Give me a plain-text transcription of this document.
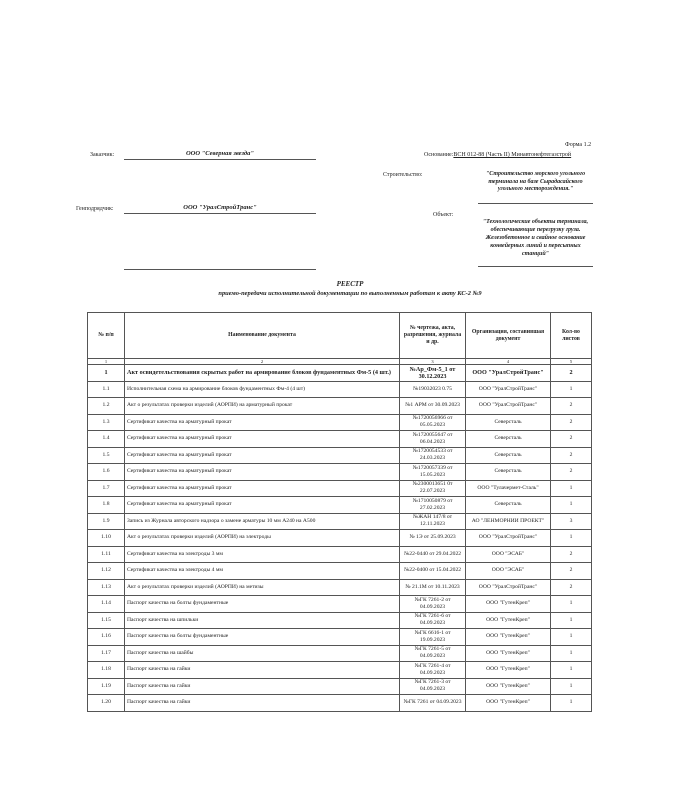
Форма 1.2
Основание:ВСН 012-88 (Часть II) Минавтонефтегазстрой
Заказчик:	ООО "Северная звезда"
Генподрядчик:	ООО "УралСтройТранс"
Строительство:	"Строительство морского угольного терминала на базе Сырадасайского угольного месторождения."
Объект:
"Технологические объекты терминала, обеспечивающие перегрузку груза. Железобетонное и свайное основание конвейерных линий и пересыпных станций"
РЕЕСТР
приемо-передачи исполнительной документации по выполненным работам к акту КС-2 №9
№ п/п	Наименование документа	№ чертежа, акта, разрешения, журнала и др.	Организация, составившая документ	Кол-во листов
1	2	3	4	5
1	Акт освидетельствования скрытых работ на армирование блоков фундаментных Фм-5 (4 шт.)	№Ар_Фм-5_1 от 30.12.2023	ООО "УралСтройТранс"	2
1.1	Исполнительная схема на армирование блоков фундаментных Фм-4 (4 шт)	№19032023 0.75	ООО "УралСтройТранс"	1
1.2	Акт о результатах проверки изделий (АОРПИ) на арматурный прокат	№1 АРМ от 30.09.2023	ООО "УралСтройТранс"	2
1.3	Сертификат качества на арматурный прокат	№1720056966 от 05.05.2023	Северсталь	2
1.4	Сертификат качества на арматурный прокат	№1720055647 от 06.04.2023	Северсталь	2
1.5	Сертификат качества на арматурный прокат	№1720054533 от 24.03.2023	Северсталь	2
1.6	Сертификат качества на арматурный прокат	№1720057339 от 15.05.2023	Северсталь	2
1.7	Сертификат качества на арматурный прокат	№2300013651 0т 22.07.2023	ООО "Тулачермет-Сталь"	1
1.8	Сертификат качества на арматурный прокат	№1710050879 от 27.02.2023	Северсталь	1
1.9	Запись из Журнала авторского надзора о замене арматуры 10 мм А240 на А500	№ЖАН 147/8 от 12.11.2023	АО "ЛЕНМОРНИИ ПРОЕКТ"	3
1.10	Акт о результатах проверки изделий (АОРПИ) на электроды	№ 1Э от 25.09.2023	ООО "УралСтройТранс"	1
1.11	Сертификат качества на электроды 3 мм	№22-0440 от 29.04.2022	ООО "ЭСАБ"	2
1.12	Сертификат качества на электроды 4 мм	№22-0400 от 15.04.2022	ООО "ЭСАБ"	2
1.13	Акт о результатах проверки изделий (АОРПИ) на метизы	№ 21.1М от 10.11.2023	ООО "УралСтройТранс"	2
1.14	Паспорт качества на болты фундаментные	№ГК 7261-2 от 04.09.2023	ООО "ГутенКреп"	1
1.15	Паспорт качества на шпильки	№ГК 7261-6 от 04.09.2023	ООО "ГутенКреп"	1
1.16	Паспорт качества на болты фундаментные	№ГК 6616-1 от 19.09.2023	ООО "ГутенКреп"	1
1.17	Паспорт качества на шайбы	№ГК 7261-5 от 04.09.2023	ООО "ГутенКреп"	1
1.18	Паспорт качества на гайки	№ГК 7261-4 от 04.09.2023	ООО "ГутенКреп"	1
1.19	Паспорт качества на гайки	№ГК 7261-3 от 04.09.2023	ООО "ГутенКреп"	1
1.20	Паспорт качества на гайки	№ГК 7261 от 04.09.2023	ООО "ГутенКреп"	1
